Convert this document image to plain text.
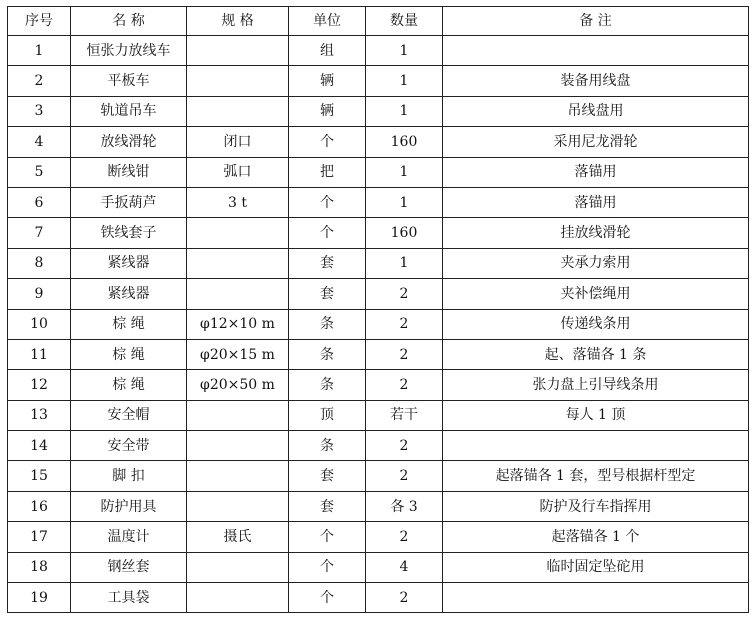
序号	名 称	规 格	单位	数量	备 注
1	恒张力放线车		组	1	
2	平板车		辆	1	装备用线盘
3	轨道吊车		辆	1	吊线盘用
4	放线滑轮	闭口	个	160	采用尼龙滑轮
5	断线钳	弧口	把	1	落锚用
6	手扳葫芦	3 t	个	1	落锚用
7	铁线套子		个	160	挂放线滑轮
8	紧线器		套	1	夹承力索用
9	紧线器		套	2	夹补偿绳用
10	棕 绳	φ12×10 m	条	2	传递线条用
11	棕 绳	φ20×15 m	条	2	起、落锚各 1 条
12	棕 绳	φ20×50 m	条	2	张力盘上引导线条用
13	安全帽		顶	若干	每人 1 顶
14	安全带		条	2	
15	脚 扣		套	2	起落锚各 1 套，型号根据杆型定
16	防护用具		套	各 3	防护及行车指挥用
17	温度计	摄氏	个	2	起落锚各 1 个
18	钢丝套		个	4	临时固定坠砣用
19	工具袋		个	2	
